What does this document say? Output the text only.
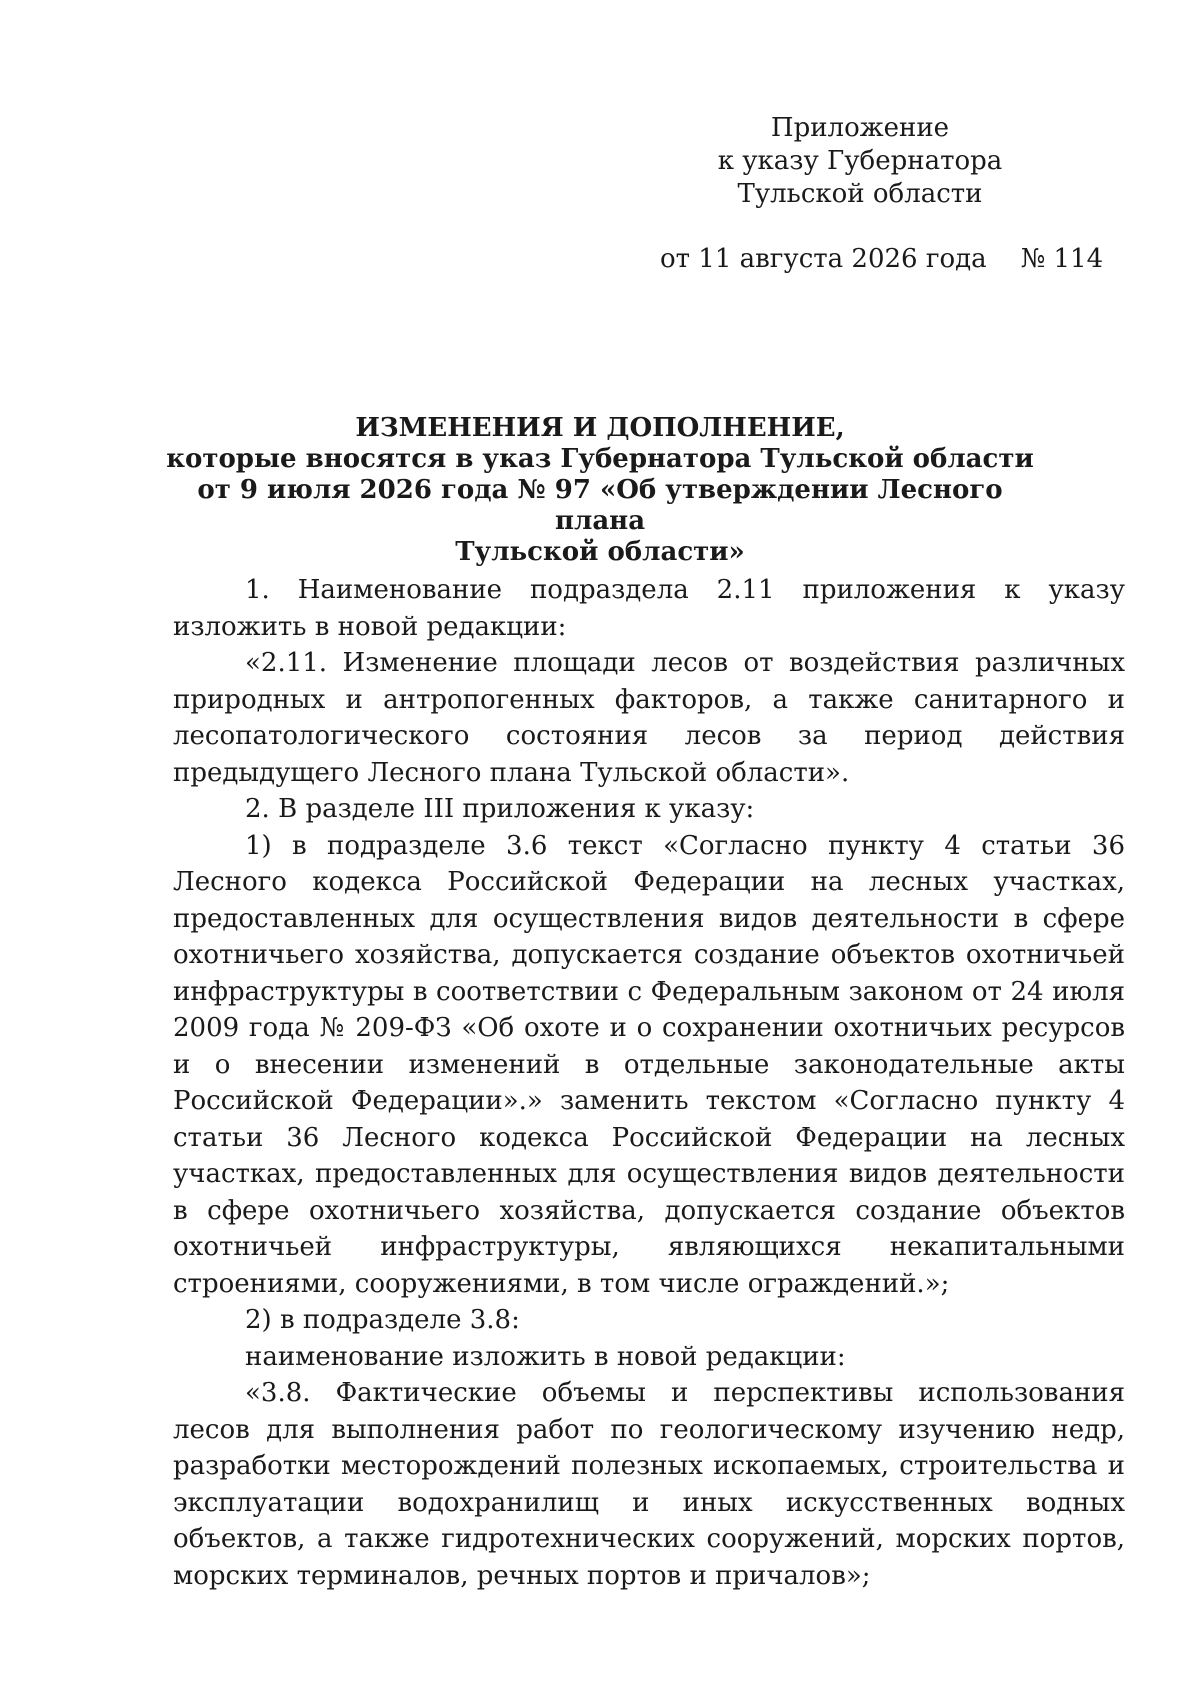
Приложение
к указу Губернатора
Тульской области
от 11 августа 2026 года № 114
ИЗМЕНЕНИЯ И ДОПОЛНЕНИЕ,
которые вносятся в указ Губернатора Тульской области
от 9 июля 2026 года № 97 «Об утверждении Лесного плана
Тульской области»

1. Наименование подраздела 2.11 приложения к указу изложить в новой редакции:

«2.11. Изменение площади лесов от воздействия различных природных и антропогенных факторов, а также санитарного и лесопатологического состояния лесов за период действия предыдущего Лесного плана Тульской области».

2. В разделе III приложения к указу:

1) в подразделе 3.6 текст «Согласно пункту 4 статьи 36 Лесного кодекса Российской Федерации на лесных участках, предоставленных для осуществления видов деятельности в сфере охотничьего хозяйства, допускается создание объектов охотничьей инфраструктуры в соответствии с Федеральным законом от 24 июля 2009 года № 209-ФЗ «Об охоте и о сохранении охотничьих ресурсов и о внесении изменений в отдельные законодательные акты Российской Федерации».» заменить текстом «Согласно пункту 4 статьи 36 Лесного кодекса Российской Федерации на лесных участках, предоставленных для осуществления видов деятельности в сфере охотничьего хозяйства, допускается создание объектов охотничьей инфраструктуры, являющихся некапитальными строениями, сооружениями, в том числе ограждений.»;

2) в подразделе 3.8:

наименование изложить в новой редакции:

«3.8. Фактические объемы и перспективы использования лесов для выполнения работ по геологическому изучению недр, разработки месторождений полезных ископаемых, строительства и эксплуатации водохранилищ и иных искусственных водных объектов, а также гидротехнических сооружений, морских портов, морских терминалов, речных портов и причалов»;
